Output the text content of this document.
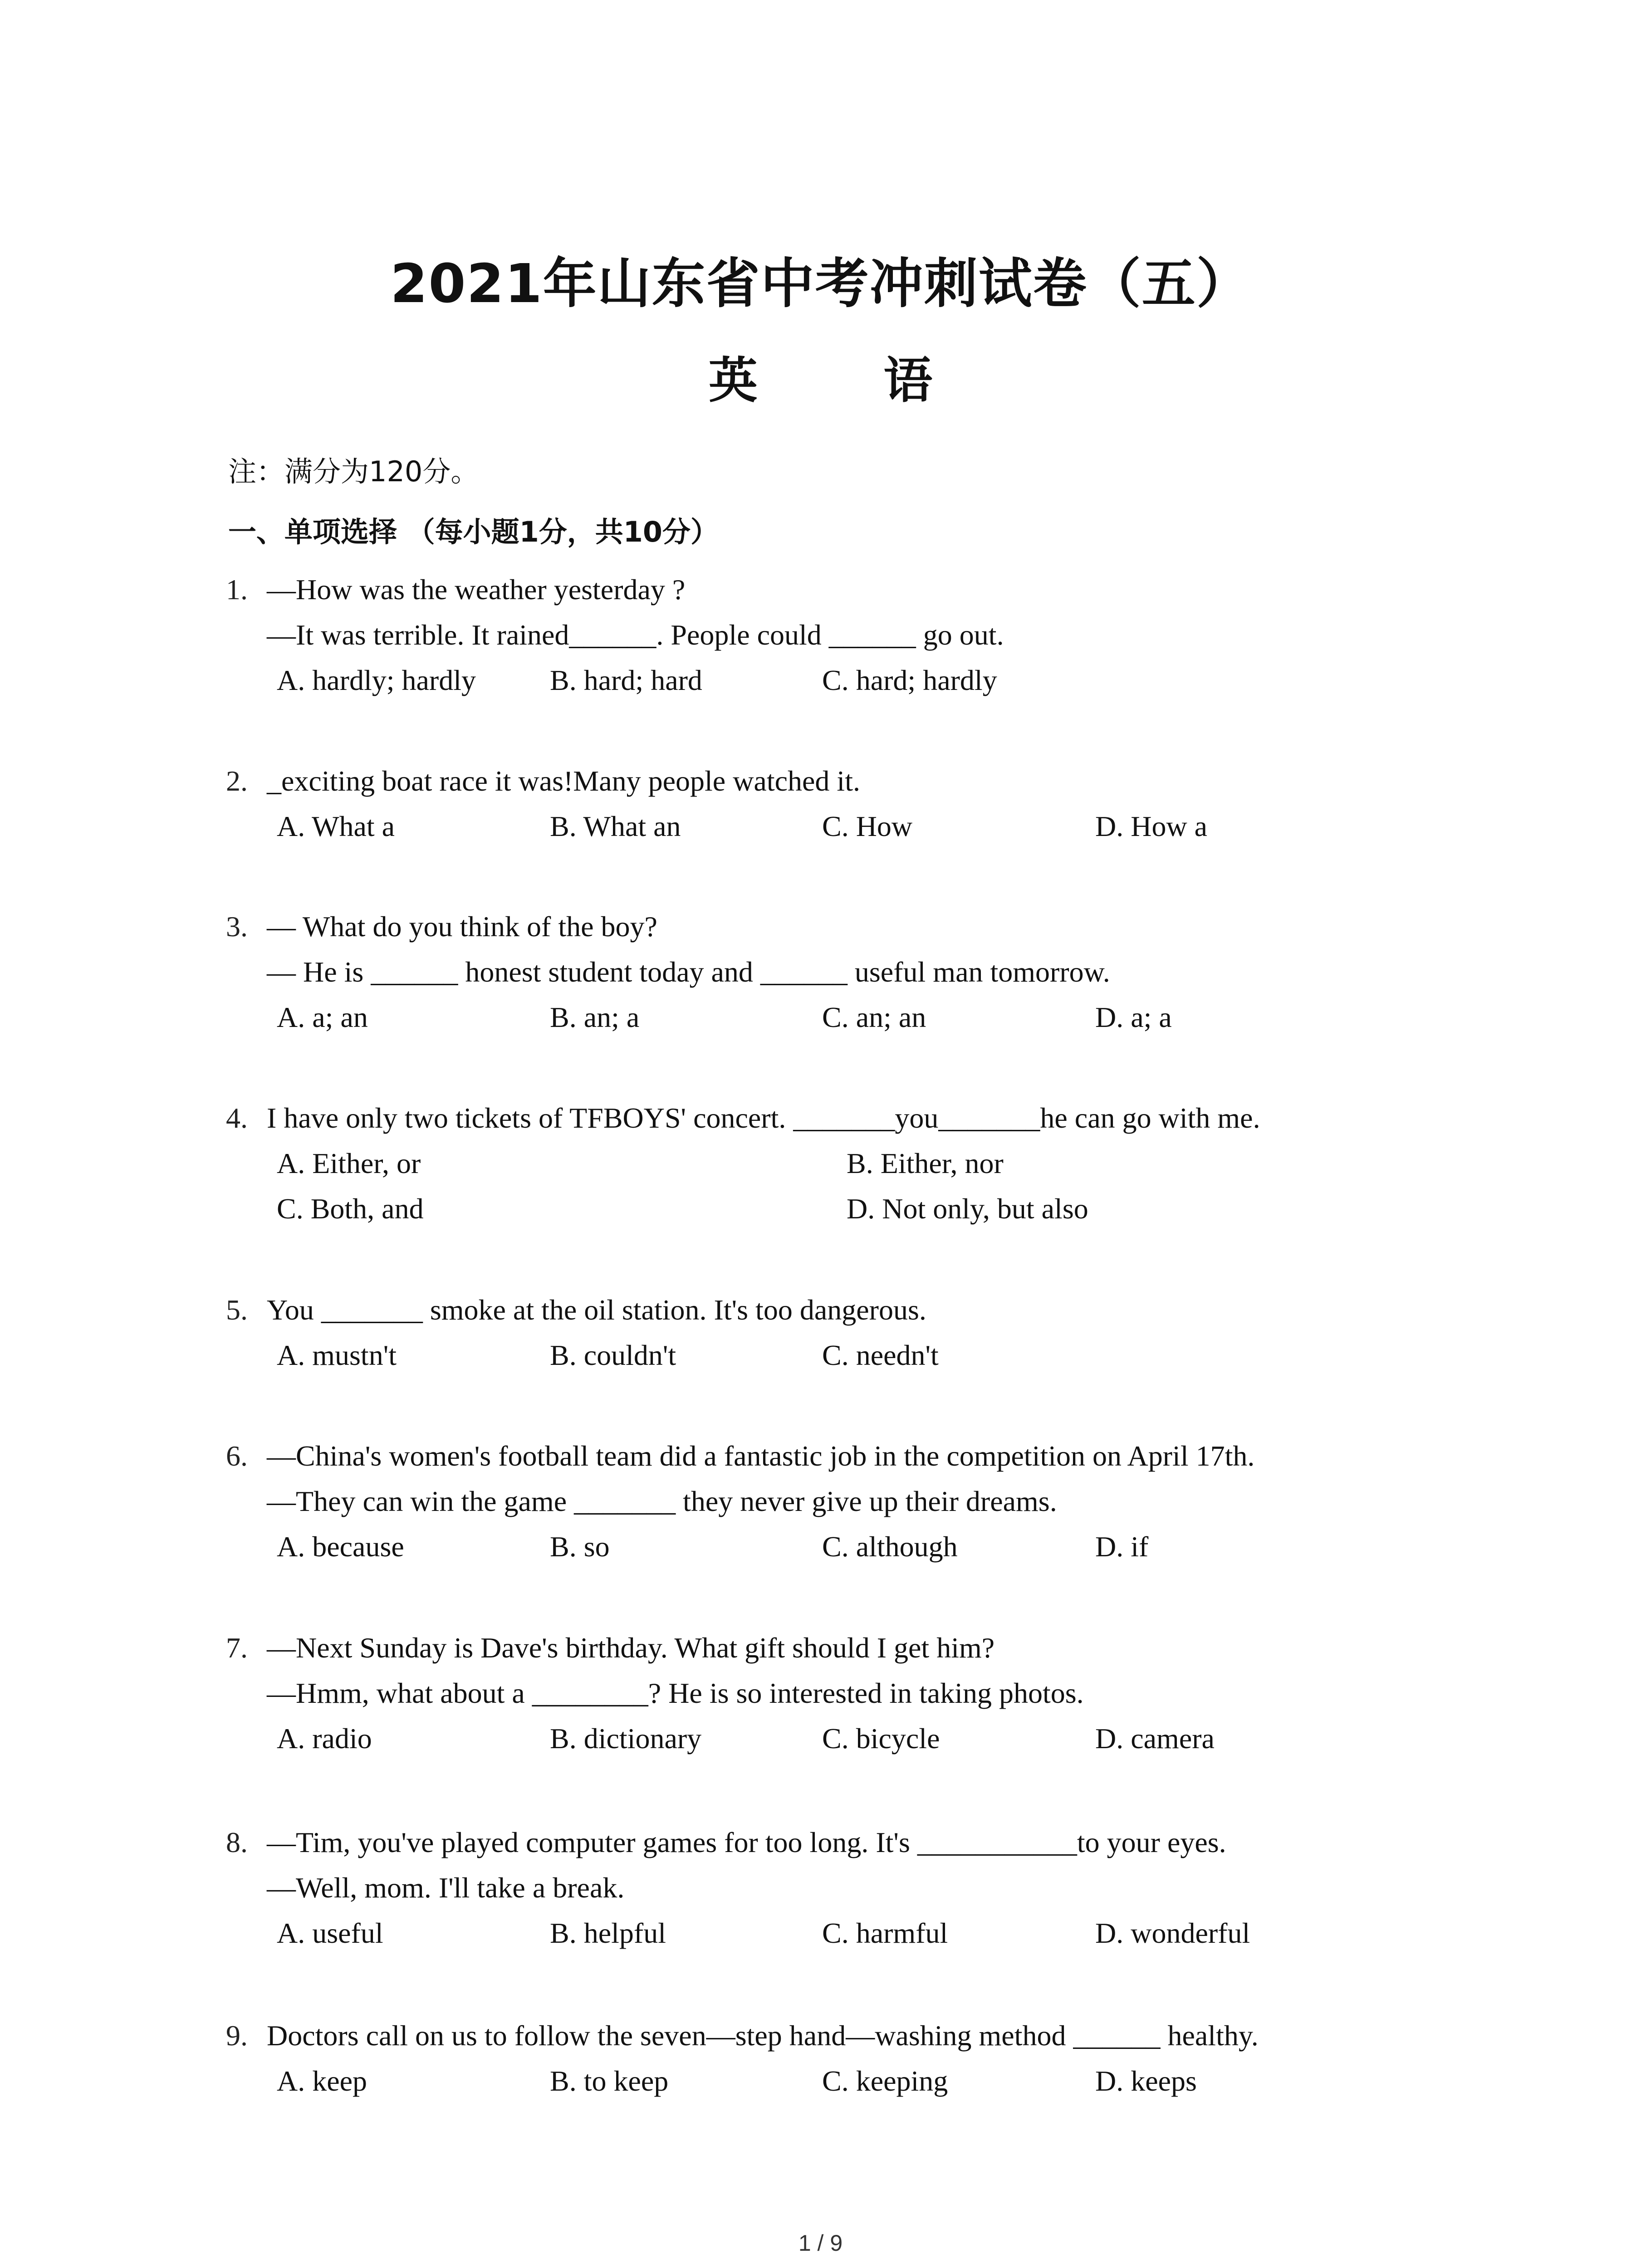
2021年山东省中考冲刺试卷（五）
英 语
注：满分为120分。
一、单项选择 （每小题1分，共10分）
1. —How was the weather yesterday ?
—It was terrible. It rained______. People could ______ go out.
A. hardly; hardly	B. hard; hard	C. hard; hardly
2. _exciting boat race it was!Many people watched it.
A. What a	B. What an	C. How	D. How a
3. — What do you think of the boy?
— He is ______ honest student today and ______ useful man tomorrow.
A. a; an	B. an; a	C. an; an	D. a; a
4. I have only two tickets of TFBOYS' concert. _______you_______he can go with me.
A. Either, or	B. Either, nor
C. Both, and	D. Not only, but also
5. You _______ smoke at the oil station. It's too dangerous.
A. mustn't	B. couldn't	C. needn't
6. —China's women's football team did a fantastic job in the competition on April 17th.
—They can win the game _______ they never give up their dreams.
A. because	B. so	C. although	D. if
7. —Next Sunday is Dave's birthday. What gift should I get him?
—Hmm, what about a ________? He is so interested in taking photos.
A. radio	B. dictionary	C. bicycle	D. camera
8. —Tim, you've played computer games for too long. It's ___________to your eyes.
—Well, mom. I'll take a break.
A. useful	B. helpful	C. harmful	D. wonderful
9. Doctors call on us to follow the seven—step hand—washing method ______ healthy.
A. keep	B. to keep	C. keeping	D. keeps
1 / 9
